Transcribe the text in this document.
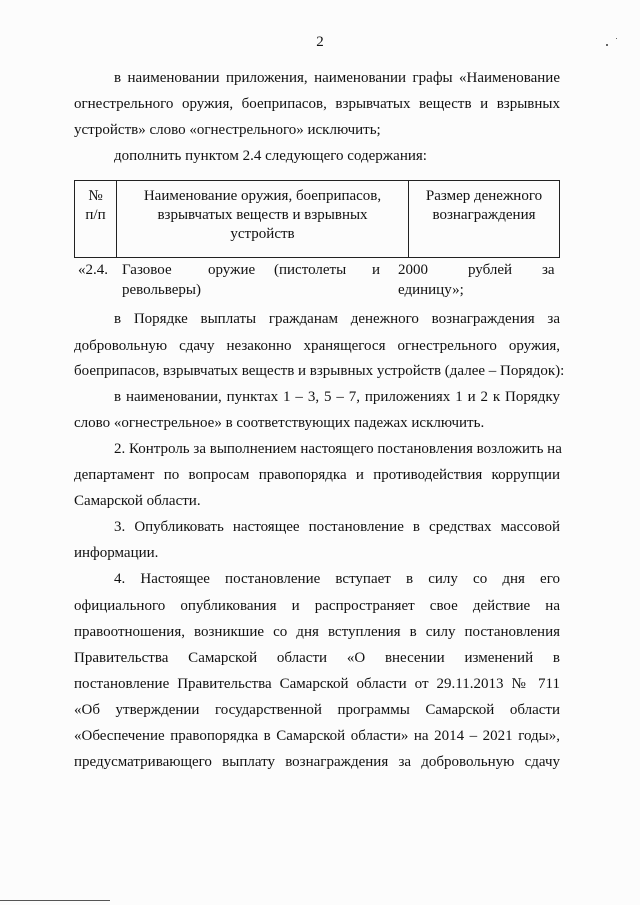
2
в наименовании приложения, наименовании графы «Наименование
огнестрельного оружия, боеприпасов, взрывчатых веществ и взрывных
устройств» слово «огнестрельного» исключить;
дополнить пунктом 2.4 следующего содержания:
№
п/п
Наименование оружия, боеприпасов,
взрывчатых веществ и взрывных
устройств
Размер денежного
вознаграждения
«2.4. Газовое оружие (пистолеты и
револьверы)
2000	рублей за
единицу»;
в Порядке выплаты гражданам денежного вознаграждения за
добровольную сдачу незаконно хранящегося огнестрельного оружия,
боеприпасов, взрывчатых веществ и взрывных устройств (далее – Порядок):
в наименовании, пунктах 1 – 3, 5 – 7, приложениях 1 и 2 к Порядку
слово «огнестрельное» в соответствующих падежах исключить.
2. Контроль за выполнением настоящего постановления возложить на
департамент по вопросам правопорядка и противодействия коррупции
Самарской области.
3. Опубликовать настоящее постановление в средствах массовой
информации.
4. Настоящее постановление вступает в силу со дня его
официального опубликования и распространяет свое действие на
правоотношения, возникшие со дня вступления в силу постановления
Правительства Самарской области «О внесении изменений в
постановление Правительства Самарской области от 29.11.2013 № 711
«Об утверждении государственной программы Самарской области
«Обеспечение правопорядка в Самарской области» на 2014 – 2021 годы»,
предусматривающего выплату вознаграждения за добровольную сдачу
